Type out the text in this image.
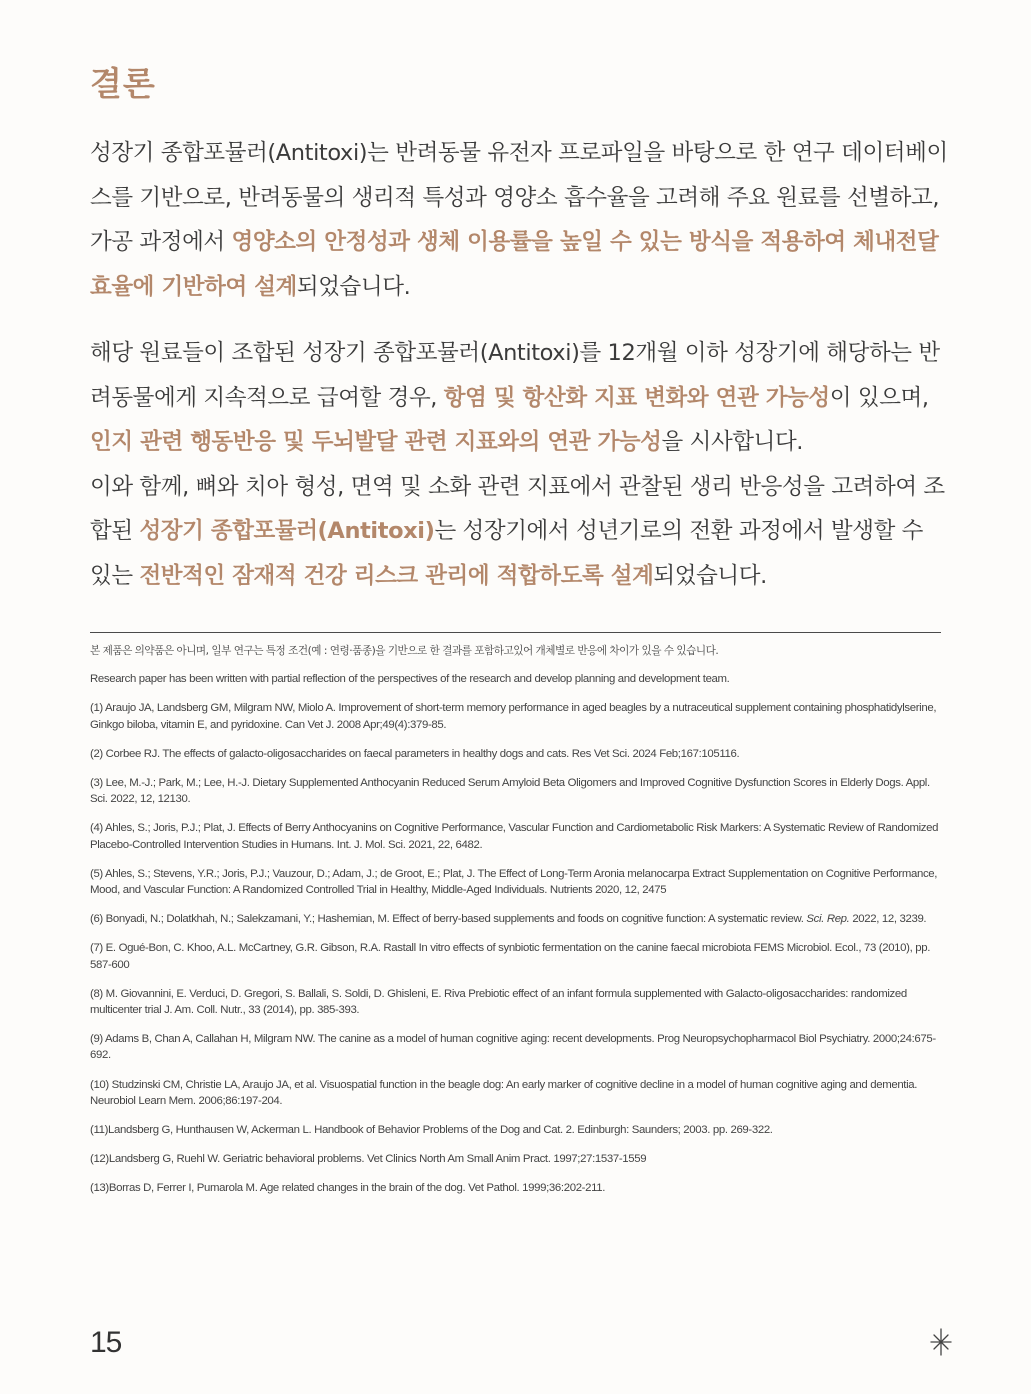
결론
성장기 종합포뮬러(Antitoxi)는 반려동물 유전자 프로파일을 바탕으로 한 연구 데이터베이스를 기반으로, 반려동물의 생리적 특성과 영양소 흡수율을 고려해 주요 원료를 선별하고, 가공 과정에서 영양소의 안정성과 생체 이용률을 높일 수 있는 방식을 적용하여 체내전달 효율에 기반하여 설계되었습니다.
해당 원료들이 조합된 성장기 종합포뮬러(Antitoxi)를 12개월 이하 성장기에 해당하는 반려동물에게 지속적으로 급여할 경우, 항염 및 항산화 지표 변화와 연관 가능성이 있으며, 인지 관련 행동반응 및 두뇌발달 관련 지표와의 연관 가능성을 시사합니다.
이와 함께, 뼈와 치아 형성, 면역 및 소화 관련 지표에서 관찰된 생리 반응성을 고려하여 조합된 성장기 종합포뮬러(Antitoxi)는 성장기에서 성년기로의 전환 과정에서 발생할 수 있는 전반적인 잠재적 건강 리스크 관리에 적합하도록 설계되었습니다.

본 제품은 의약품은 아니며, 일부 연구는 특정 조건(예 : 연령·품종)을 기반으로 한 결과를 포함하고있어 개체별로 반응에 차이가 있을 수 있습니다.

Research paper has been written with partial reflection of the perspectives of the research and develop planning and development team.

(1) Araujo JA, Landsberg GM, Milgram NW, Miolo A. Improvement of short-term memory performance in aged beagles by a nutraceutical supplement containing phosphatidylserine, Ginkgo biloba, vitamin E, and pyridoxine. Can Vet J. 2008 Apr;49(4):379-85.

(2) Corbee RJ. The effects of galacto-oligosaccharides on faecal parameters in healthy dogs and cats. Res Vet Sci. 2024 Feb;167:105116.

(3) Lee, M.-J.; Park, M.; Lee, H.-J. Dietary Supplemented Anthocyanin Reduced Serum Amyloid Beta Oligomers and Improved Cognitive Dysfunction Scores in Elderly Dogs. Appl. Sci. 2022, 12, 12130.

(4) Ahles, S.; Joris, P.J.; Plat, J. Effects of Berry Anthocyanins on Cognitive Performance, Vascular Function and Cardiometabolic Risk Markers: A Systematic Review of Randomized Placebo-Controlled Intervention Studies in Humans. Int. J. Mol. Sci. 2021, 22, 6482.

(5) Ahles, S.; Stevens, Y.R.; Joris, P.J.; Vauzour, D.; Adam, J.; de Groot, E.; Plat, J. The Effect of Long-Term Aronia melanocarpa Extract Supplementation on Cognitive Performance, Mood, and Vascular Function: A Randomized Controlled Trial in Healthy, Middle-Aged Individuals. Nutrients 2020, 12, 2475

(6) Bonyadi, N.; Dolatkhah, N.; Salekzamani, Y.; Hashemian, M. Effect of berry-based supplements and foods on cognitive function: A systematic review. Sci. Rep. 2022, 12, 3239.

(7) E. Ogué-Bon, C. Khoo, A.L. McCartney, G.R. Gibson, R.A. Rastall In vitro effects of synbiotic fermentation on the canine faecal microbiota FEMS Microbiol. Ecol., 73 (2010), pp. 587-600

(8) M. Giovannini, E. Verduci, D. Gregori, S. Ballali, S. Soldi, D. Ghisleni, E. Riva Prebiotic effect of an infant formula supplemented with Galacto-oligosaccharides: randomized multicenter trial J. Am. Coll. Nutr., 33 (2014), pp. 385-393.

(9) Adams B, Chan A, Callahan H, Milgram NW. The canine as a model of human cognitive aging: recent developments. Prog Neuropsychopharmacol Biol Psychiatry. 2000;24:675-692.

(10) Studzinski CM, Christie LA, Araujo JA, et al. Visuospatial function in the beagle dog: An early marker of cognitive decline in a model of human cognitive aging and dementia. Neurobiol Learn Mem. 2006;86:197-204.

(11)Landsberg G, Hunthausen W, Ackerman L. Handbook of Behavior Problems of the Dog and Cat. 2. Edinburgh: Saunders; 2003. pp. 269-322.

(12)Landsberg G, Ruehl W. Geriatric behavioral problems. Vet Clinics North Am Small Anim Pract. 1997;27:1537-1559

(13)Borras D, Ferrer I, Pumarola M. Age related changes in the brain of the dog. Vet Pathol. 1999;36:202-211.

15
